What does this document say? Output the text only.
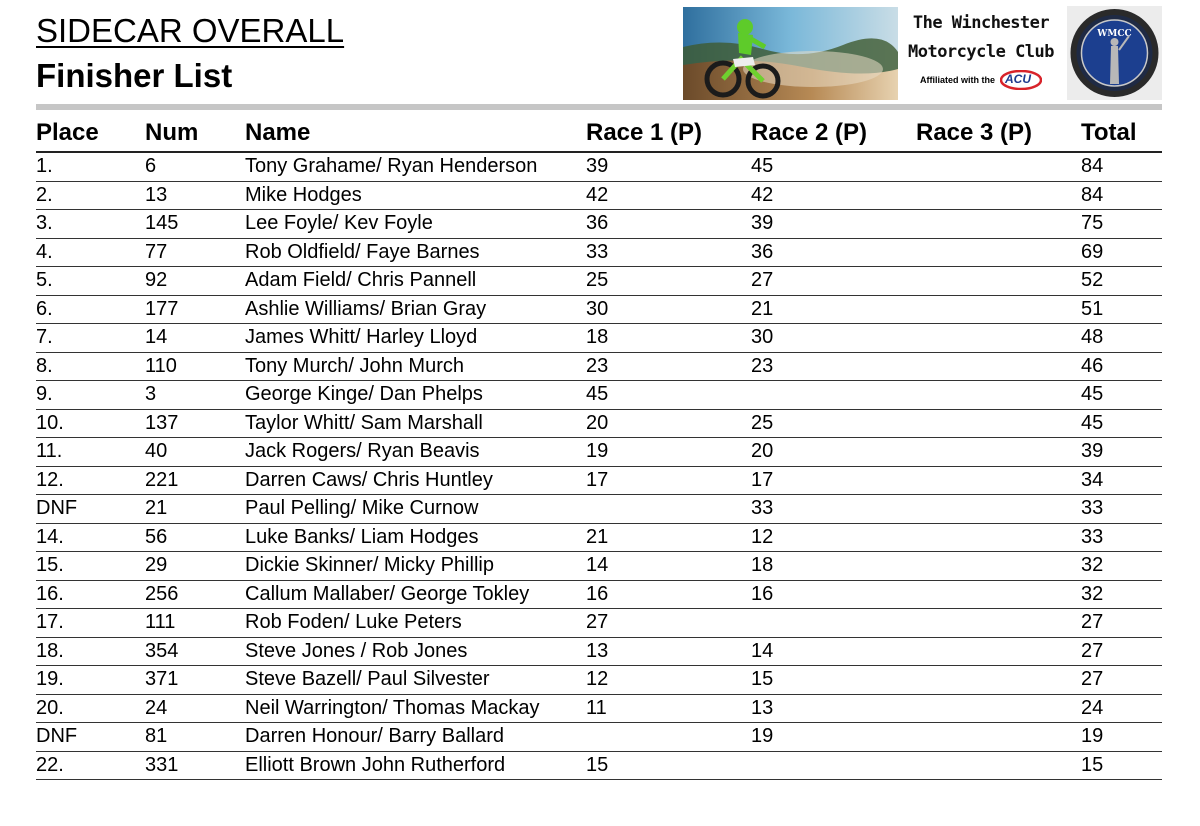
SIDECAR OVERALL
Finisher List
The Winchester
Motorcycle Club
Affiliated with the ACU
WMCC
Place	Num	Name	Race 1 (P)	Race 2 (P)	Race 3 (P)	Total
1.	6	Tony Grahame/ Ryan Henderson	39	45		84
2.	13	Mike Hodges	42	42		84
3.	145	Lee Foyle/ Kev Foyle	36	39		75
4.	77	Rob Oldfield/ Faye Barnes	33	36		69
5.	92	Adam Field/ Chris Pannell	25	27		52
6.	177	Ashlie Williams/ Brian Gray	30	21		51
7.	14	James Whitt/ Harley Lloyd	18	30		48
8.	110	Tony Murch/ John Murch	23	23		46
9.	3	George Kinge/ Dan Phelps	45			45
10.	137	Taylor Whitt/ Sam Marshall	20	25		45
11.	40	Jack Rogers/ Ryan Beavis	19	20		39
12.	221	Darren Caws/ Chris Huntley	17	17		34
DNF	21	Paul Pelling/ Mike Curnow		33		33
14.	56	Luke Banks/ Liam Hodges	21	12		33
15.	29	Dickie Skinner/ Micky Phillip	14	18		32
16.	256	Callum Mallaber/ George Tokley	16	16		32
17.	111	Rob Foden/ Luke Peters	27			27
18.	354	Steve Jones / Rob Jones	13	14		27
19.	371	Steve Bazell/ Paul Silvester	12	15		27
20.	24	Neil Warrington/ Thomas Mackay	11	13		24
DNF	81	Darren Honour/ Barry Ballard		19		19
22.	331	Elliott Brown John Rutherford	15			15
